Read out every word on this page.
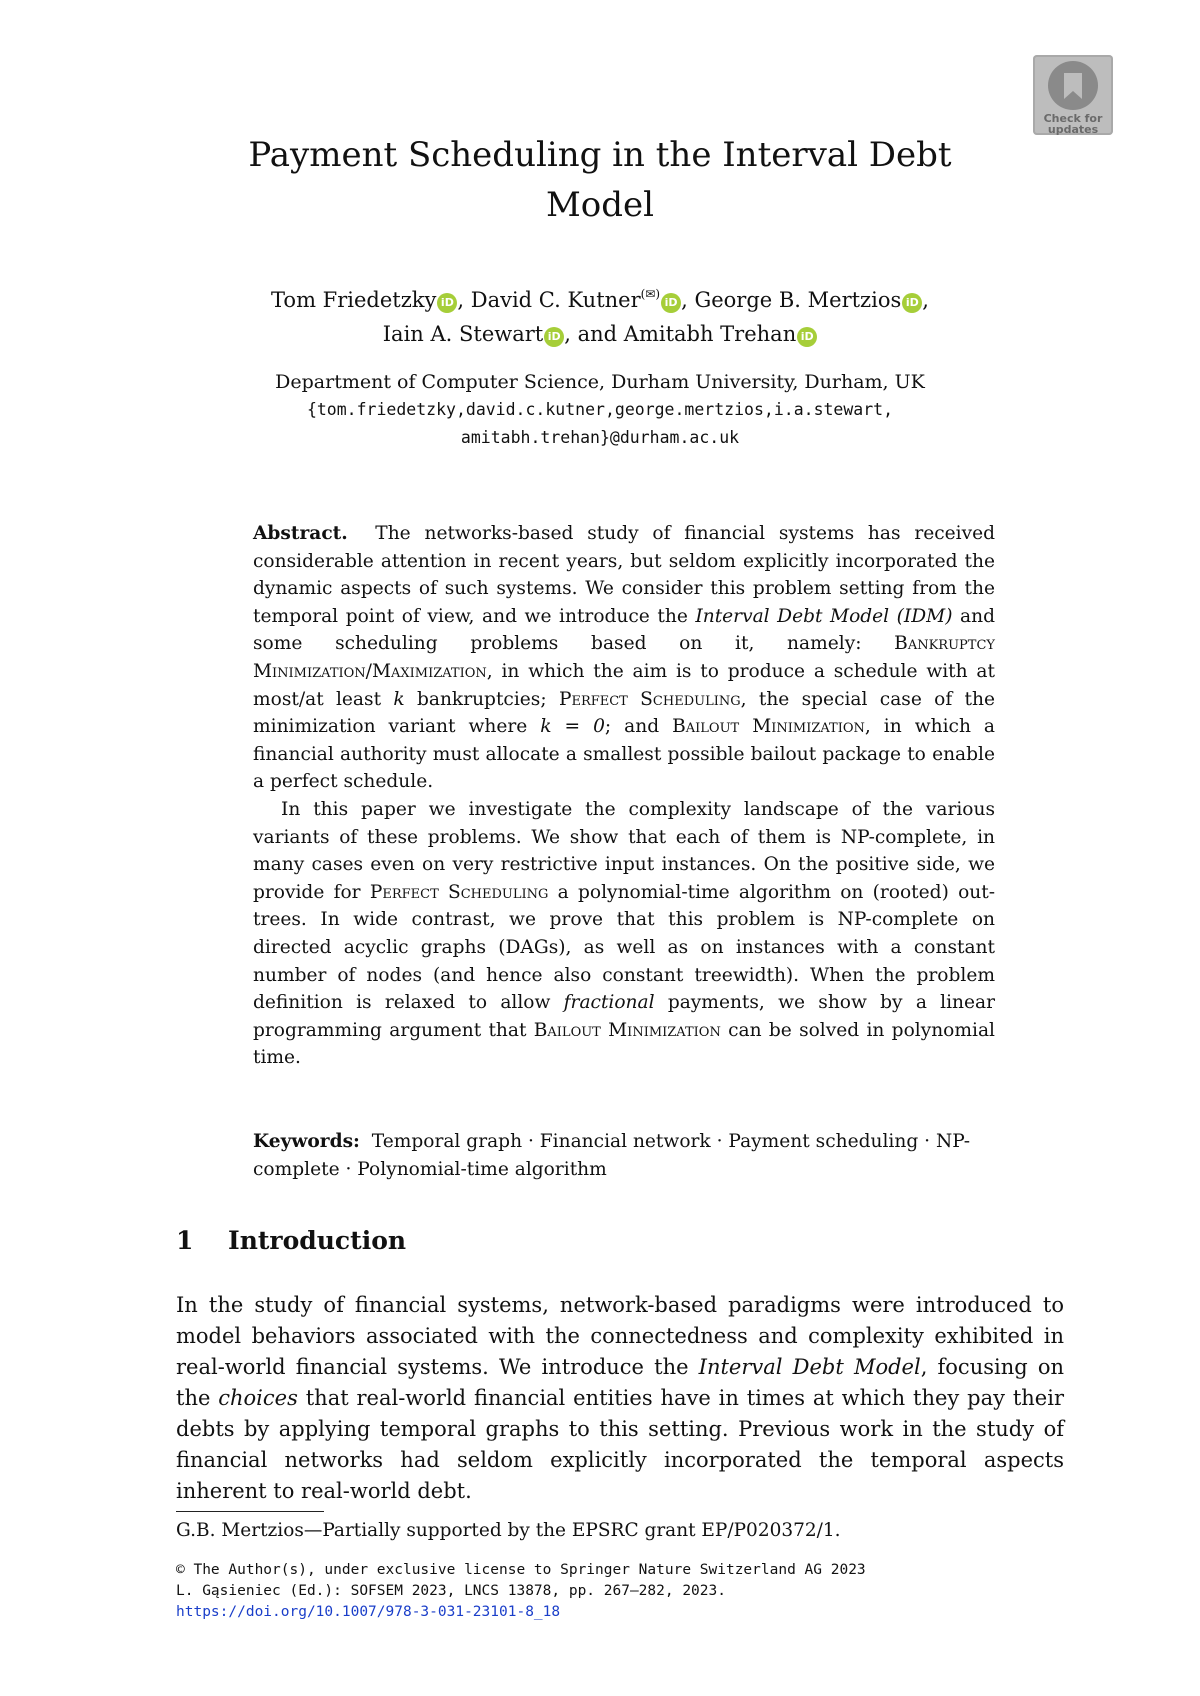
Check for updates
Payment Scheduling in the Interval Debt Model
Tom Friedetzky iD , David C. Kutner(✉)iD , George B. Mertzios iD ,
Iain A. Stewart iD , and Amitabh Trehan iD
Department of Computer Science, Durham University, Durham, UK
{tom.friedetzky,david.c.kutner,george.mertzios,i.a.stewart,
amitabh.trehan}@durham.ac.uk

Abstract. The networks-based study of financial systems has received considerable attention in recent years, but seldom explicitly incorporated the dynamic aspects of such systems. We consider this problem setting from the temporal point of view, and we introduce the Interval Debt Model (IDM) and some scheduling problems based on it, namely: Bankruptcy Minimization/Maximization, in which the aim is to produce a schedule with at most/at least k bankruptcies; Perfect Scheduling, the special case of the minimization variant where k = 0; and Bailout Minimization, in which a financial authority must allocate a smallest possible bailout package to enable a perfect schedule.

In this paper we investigate the complexity landscape of the various variants of these problems. We show that each of them is NP-complete, in many cases even on very restrictive input instances. On the positive side, we provide for Perfect Scheduling a polynomial-time algorithm on (rooted) out-trees. In wide contrast, we prove that this problem is NP-complete on directed acyclic graphs (DAGs), as well as on instances with a constant number of nodes (and hence also constant treewidth). When the problem definition is relaxed to allow fractional payments, we show by a linear programming argument that Bailout Minimization can be solved in polynomial time.

Keywords: Temporal graph · Financial network · Payment scheduling · NP-complete · Polynomial-time algorithm
1 Introduction

In the study of financial systems, network-based paradigms were introduced to model behaviors associated with the connectedness and complexity exhibited in real-world financial systems. We introduce the Interval Debt Model, focusing on the choices that real-world financial entities have in times at which they pay their debts by applying temporal graphs to this setting. Previous work in the study of financial networks had seldom explicitly incorporated the temporal aspects inherent to real-world debt.

G.B. Mertzios—Partially supported by the EPSRC grant EP/P020372/1.
© The Author(s), under exclusive license to Springer Nature Switzerland AG 2023
L. Gąsieniec (Ed.): SOFSEM 2023, LNCS 13878, pp. 267–282, 2023.
https://doi.org/10.1007/978-3-031-23101-8_18
